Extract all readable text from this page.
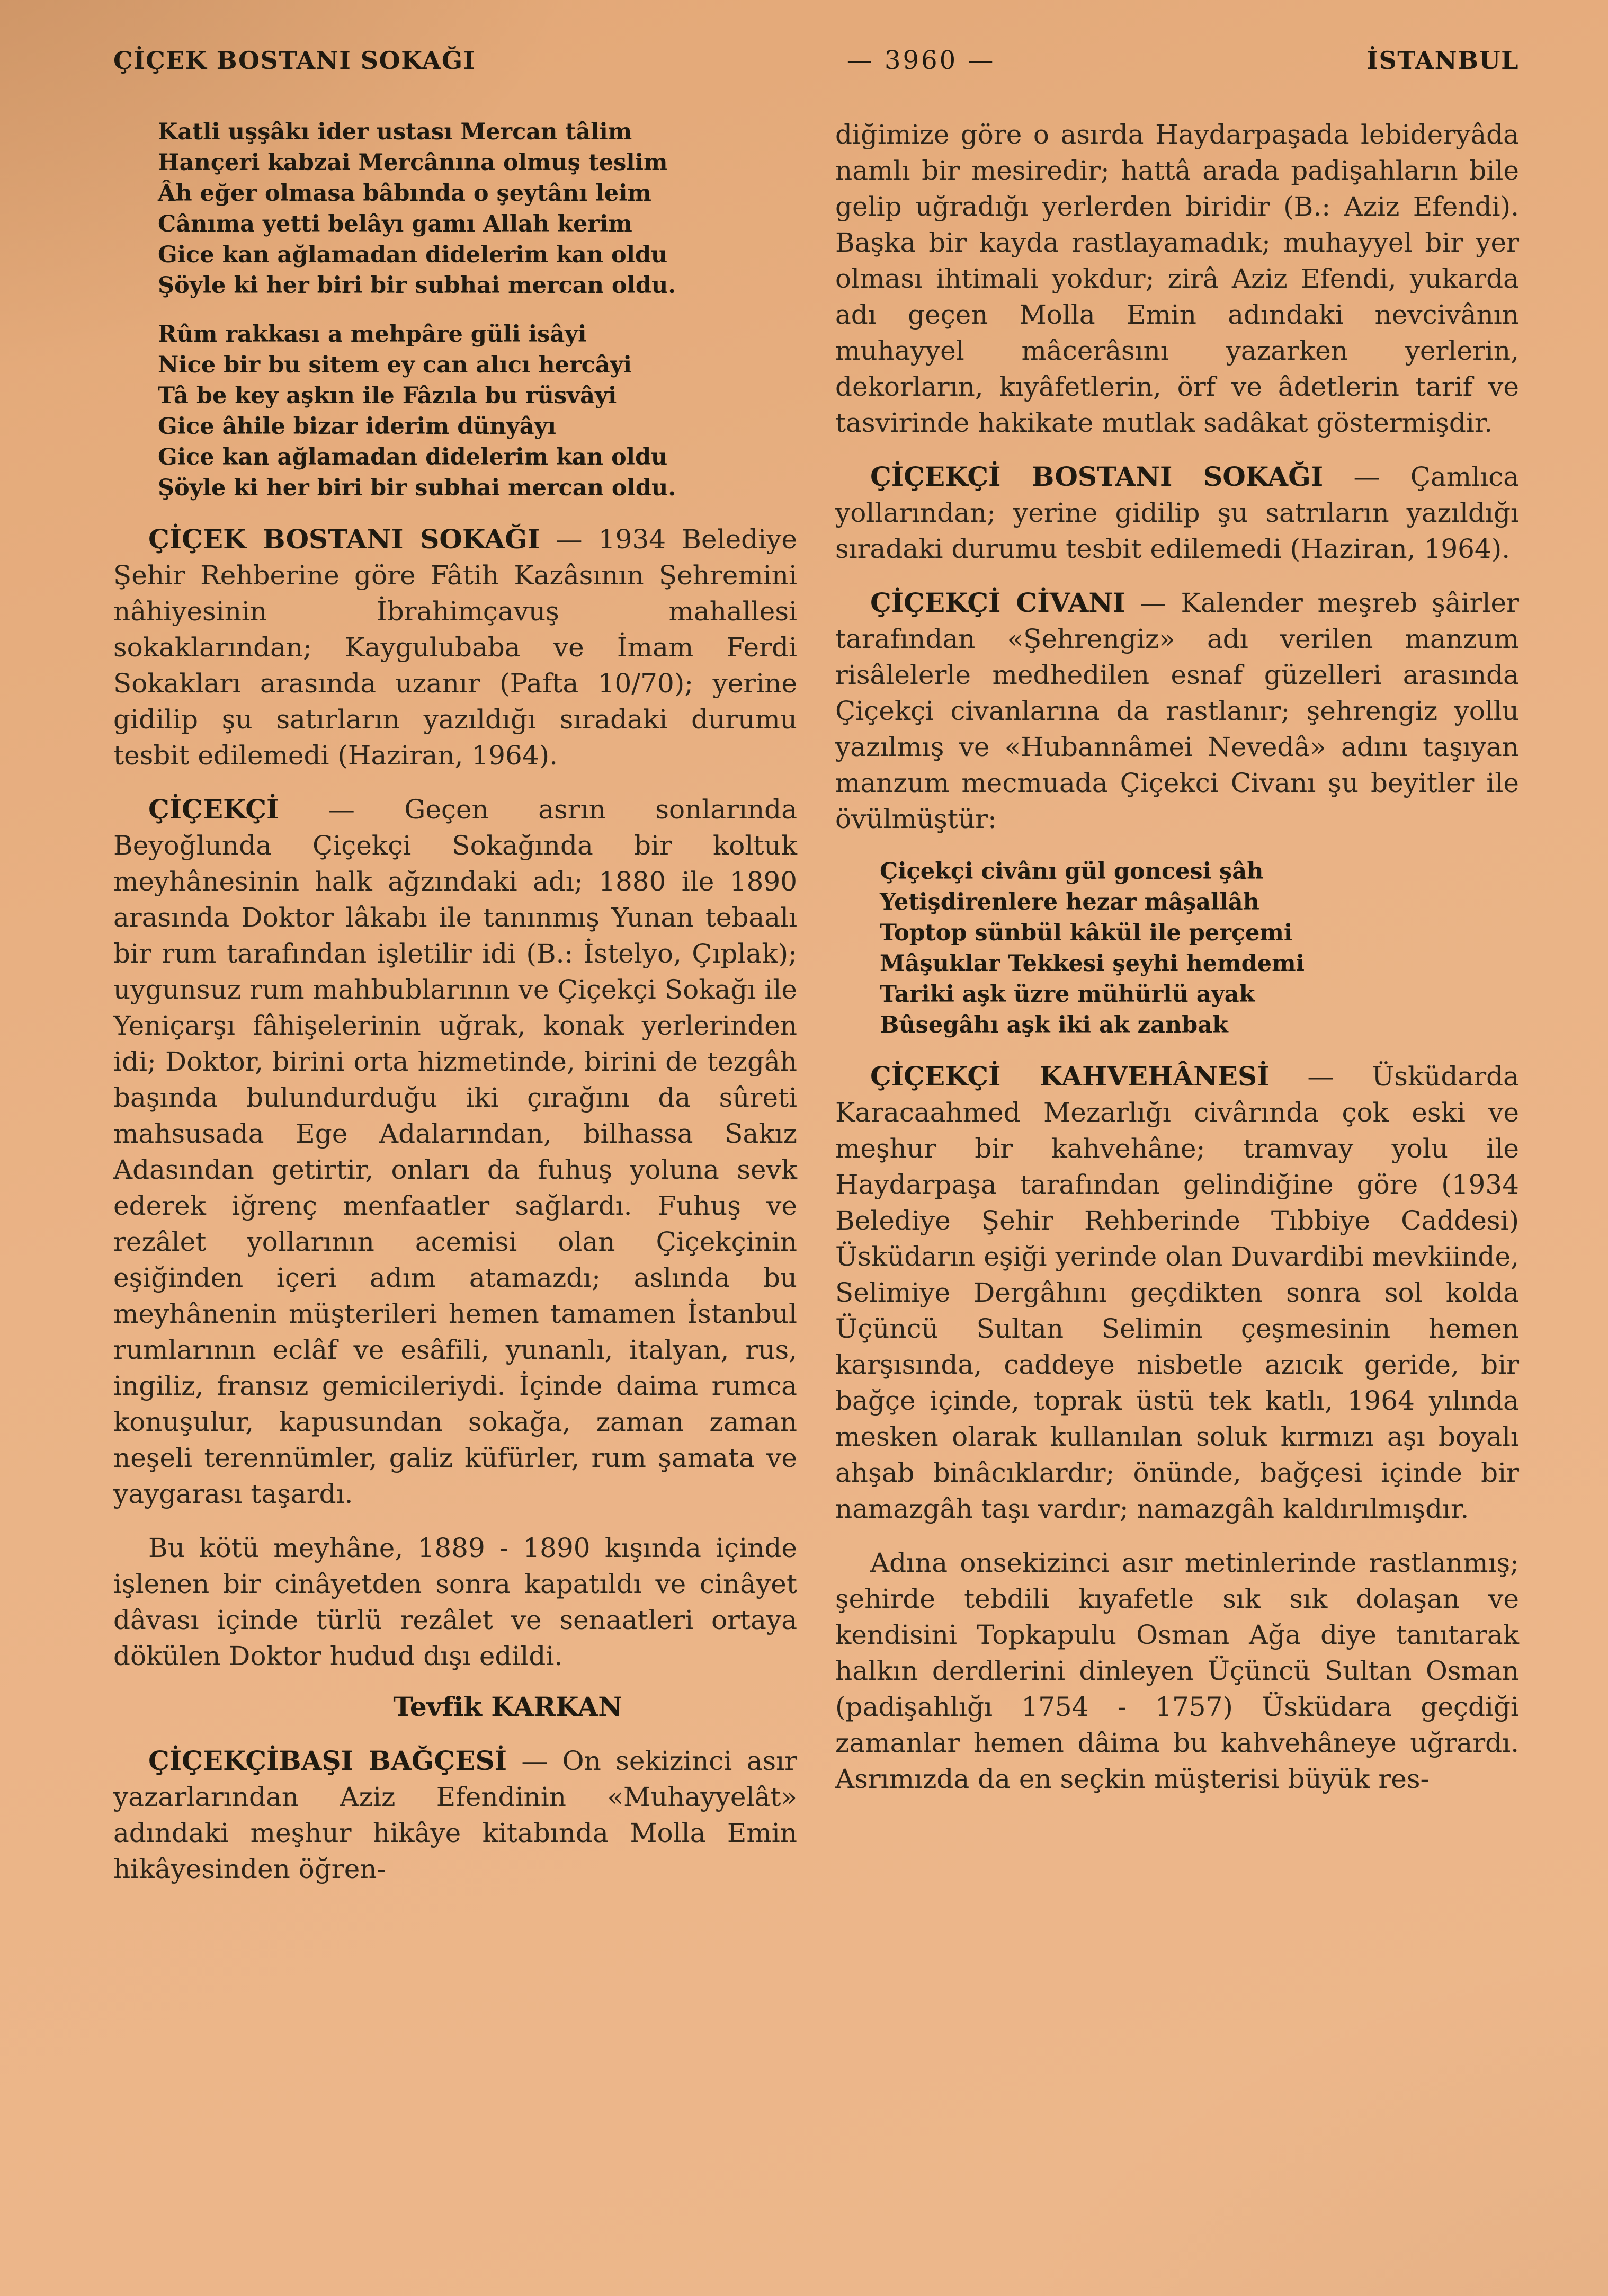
ÇİÇEK BOSTANI SOKAĞI	— 3960 —	İSTANBUL
Katli uşşâkı ider ustası Mercan tâlim
Hançeri kabzai Mercânına olmuş teslim
Âh eğer olmasa bâbında o şeytânı leim
Cânıma yetti belâyı gamı Allah kerim
Gice kan ağlamadan didelerim kan oldu
Şöyle ki her biri bir subhai mercan oldu.
Rûm rakkası a mehpâre güli isâyi
Nice bir bu sitem ey can alıcı hercâyi
Tâ be key aşkın ile Fâzıla bu rüsvâyi
Gice âhile bizar iderim dünyâyı
Gice kan ağlamadan didelerim kan oldu
Şöyle ki her biri bir subhai mercan oldu.

ÇİÇEK BOSTANI SOKAĞI — 1934 Belediye Şehir Rehberine göre Fâtih Kazâsının Şehremini nâhiyesinin İbrahimçavuş mahallesi sokaklarından; Kaygulubaba ve İmam Ferdi Sokakları arasında uzanır (Pafta 10/70); yerine gidilip şu satırların yazıldığı sıradaki durumu tesbit edilemedi (Haziran, 1964).

ÇİÇEKÇİ — Geçen asrın sonlarında Beyoğlunda Çiçekçi Sokağında bir koltuk meyhânesinin halk ağzındaki adı; 1880 ile 1890 arasında Doktor lâkabı ile tanınmış Yunan tebaalı bir rum tarafından işletilir idi (B.: İstelyo, Çıplak); uygunsuz rum mahbublarının ve Çiçekçi Sokağı ile Yeniçarşı fâhişelerinin uğrak, konak yerlerinden idi; Doktor, birini orta hizmetinde, birini de tezgâh başında bulundurduğu iki çırağını da sûreti mahsusada Ege Adalarından, bilhassa Sakız Adasından getirtir, onları da fuhuş yoluna sevk ederek iğrenç menfaatler sağlardı. Fuhuş ve rezâlet yollarının acemisi olan Çiçekçinin eşiğinden içeri adım atamazdı; aslında bu meyhânenin müşterileri hemen tamamen İstanbul rumlarının eclâf ve esâfili, yunanlı, italyan, rus, ingiliz, fransız gemicileriydi. İçinde daima rumca konuşulur, kapusundan sokağa, zaman zaman neşeli terennümler, galiz küfürler, rum şamata ve yaygarası taşardı.

Bu kötü meyhâne, 1889 - 1890 kışında içinde işlenen bir cinâyetden sonra kapatıldı ve cinâyet dâvası içinde türlü rezâlet ve senaatleri ortaya dökülen Doktor hudud dışı edildi.

Tevfik KARKAN

ÇİÇEKÇİBAŞI BAĞÇESİ — On sekizinci asır yazarlarından Aziz Efendinin «Muhayyelât» adındaki meşhur hikâye kitabında Molla Emin hikâyesinden öğren-

diğimize göre o asırda Haydarpaşada lebideryâda namlı bir mesiredir; hattâ arada padişahların bile gelip uğradığı yerlerden biridir (B.: Aziz Efendi). Başka bir kayda rastlayamadık; muhayyel bir yer olması ihtimali yokdur; zirâ Aziz Efendi, yukarda adı geçen Molla Emin adındaki nevcivânın muhayyel mâcerâsını yazarken yerlerin, dekorların, kıyâfetlerin, örf ve âdetlerin tarif ve tasvirinde hakikate mutlak sadâkat göstermişdir.

ÇİÇEKÇİ BOSTANI SOKAĞI — Çamlıca yollarından; yerine gidilip şu satrıların yazıldığı sıradaki durumu tesbit edilemedi (Haziran, 1964).

ÇİÇEKÇİ CİVANI — Kalender meşreb şâirler tarafından «Şehrengiz» adı verilen manzum risâlelerle medhedilen esnaf güzelleri arasında Çiçekçi civanlarına da rastlanır; şehrengiz yollu yazılmış ve «Hubannâmei Nevedâ» adını taşıyan manzum mecmuada Çiçekci Civanı şu beyitler ile övülmüştür:

Çiçekçi civânı gül goncesi şâh
Yetişdirenlere hezar mâşallâh
Toptop sünbül kâkül ile perçemi
Mâşuklar Tekkesi şeyhi hemdemi
Tariki aşk üzre mühürlü ayak
Bûsegâhı aşk iki ak zanbak

ÇİÇEKÇİ KAHVEHÂNESİ — Üsküdarda Karacaahmed Mezarlığı civârında çok eski ve meşhur bir kahvehâne; tramvay yolu ile Haydarpaşa tarafından gelindiğine göre (1934 Belediye Şehir Rehberinde Tıbbiye Caddesi) Üsküdarın eşiği yerinde olan Duvardibi mevkiinde, Selimiye Dergâhını geçdikten sonra sol kolda Üçüncü Sultan Selimin çeşmesinin hemen karşısında, caddeye nisbetle azıcık geride, bir bağçe içinde, toprak üstü tek katlı, 1964 yılında mesken olarak kullanılan soluk kırmızı aşı boyalı ahşab binâcıklardır; önünde, bağçesi içinde bir namazgâh taşı vardır; namazgâh kaldırılmışdır.

Adına onsekizinci asır metinlerinde rastlanmış; şehirde tebdili kıyafetle sık sık dolaşan ve kendisini Topkapulu Osman Ağa diye tanıtarak halkın derdlerini dinleyen Üçüncü Sultan Osman (padişahlığı 1754 - 1757) Üsküdara geçdiği zamanlar hemen dâima bu kahvehâneye uğrardı. Asrımızda da en seçkin müşterisi büyük res-
